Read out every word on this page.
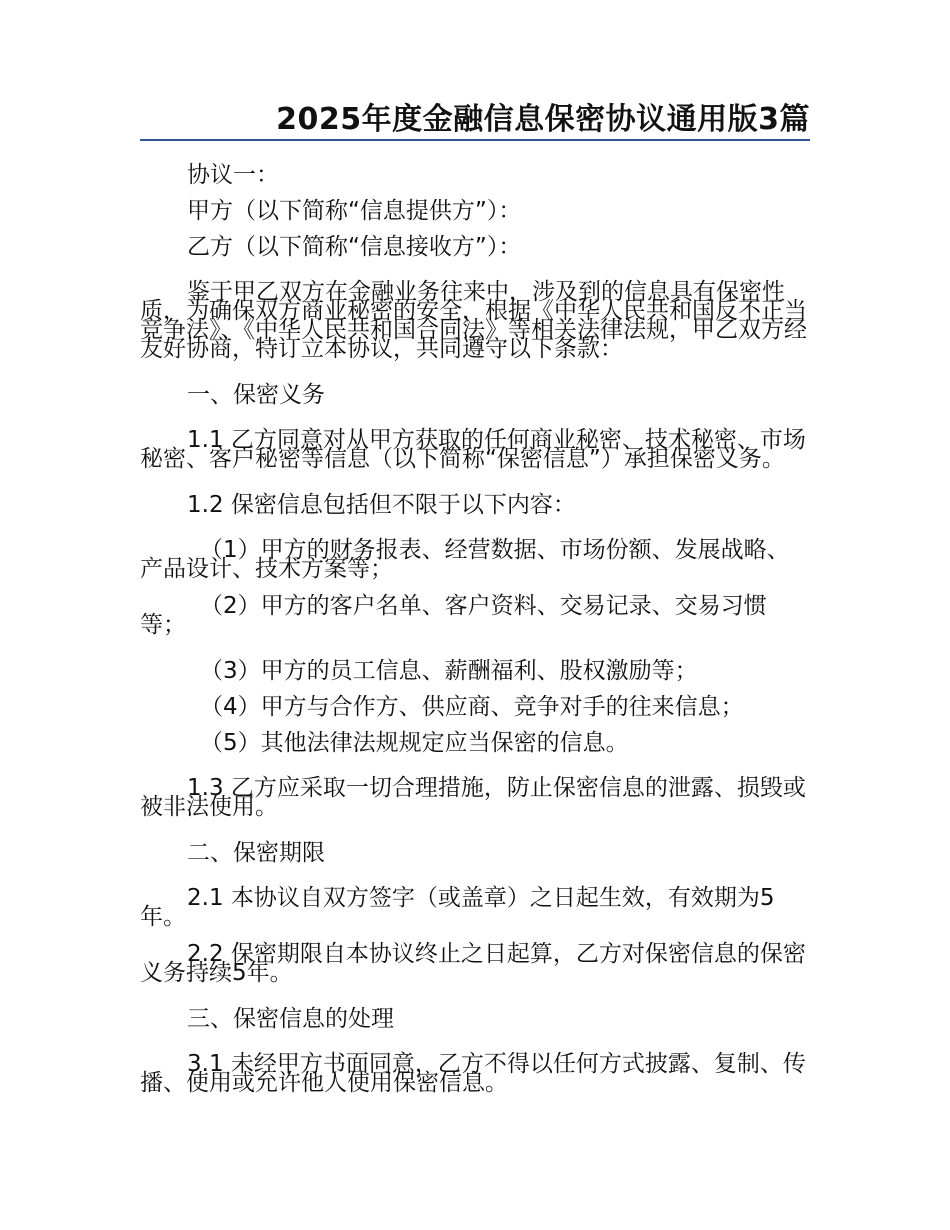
2025年度金融信息保密协议通用版3篇

协议一：

甲方（以下简称“信息提供方”）：

乙方（以下简称“信息接收方”）：

鉴于甲乙双方在金融业务往来中，涉及到的信息具有保密性质，为确保双方商业秘密的安全，根据《中华人民共和国反不正当竞争法》、《中华人民共和国合同法》等相关法律法规，甲乙双方经友好协商，特订立本协议，共同遵守以下条款：

一、保密义务

1.1 乙方同意对从甲方获取的任何商业秘密、技术秘密、市场秘密、客户秘密等信息（以下简称“保密信息”）承担保密义务。

1.2 保密信息包括但不限于以下内容：

（1）甲方的财务报表、经营数据、市场份额、发展战略、产品设计、技术方案等；

（2）甲方的客户名单、客户资料、交易记录、交易习惯等；

（3）甲方的员工信息、薪酬福利、股权激励等；

（4）甲方与合作方、供应商、竞争对手的往来信息；

（5）其他法律法规规定应当保密的信息。

1.3 乙方应采取一切合理措施，防止保密信息的泄露、损毁或被非法使用。

二、保密期限

2.1 本协议自双方签字（或盖章）之日起生效，有效期为5年。

2.2 保密期限自本协议终止之日起算，乙方对保密信息的保密义务持续5年。

三、保密信息的处理

3.1 未经甲方书面同意，乙方不得以任何方式披露、复制、传播、使用或允许他人使用保密信息。
